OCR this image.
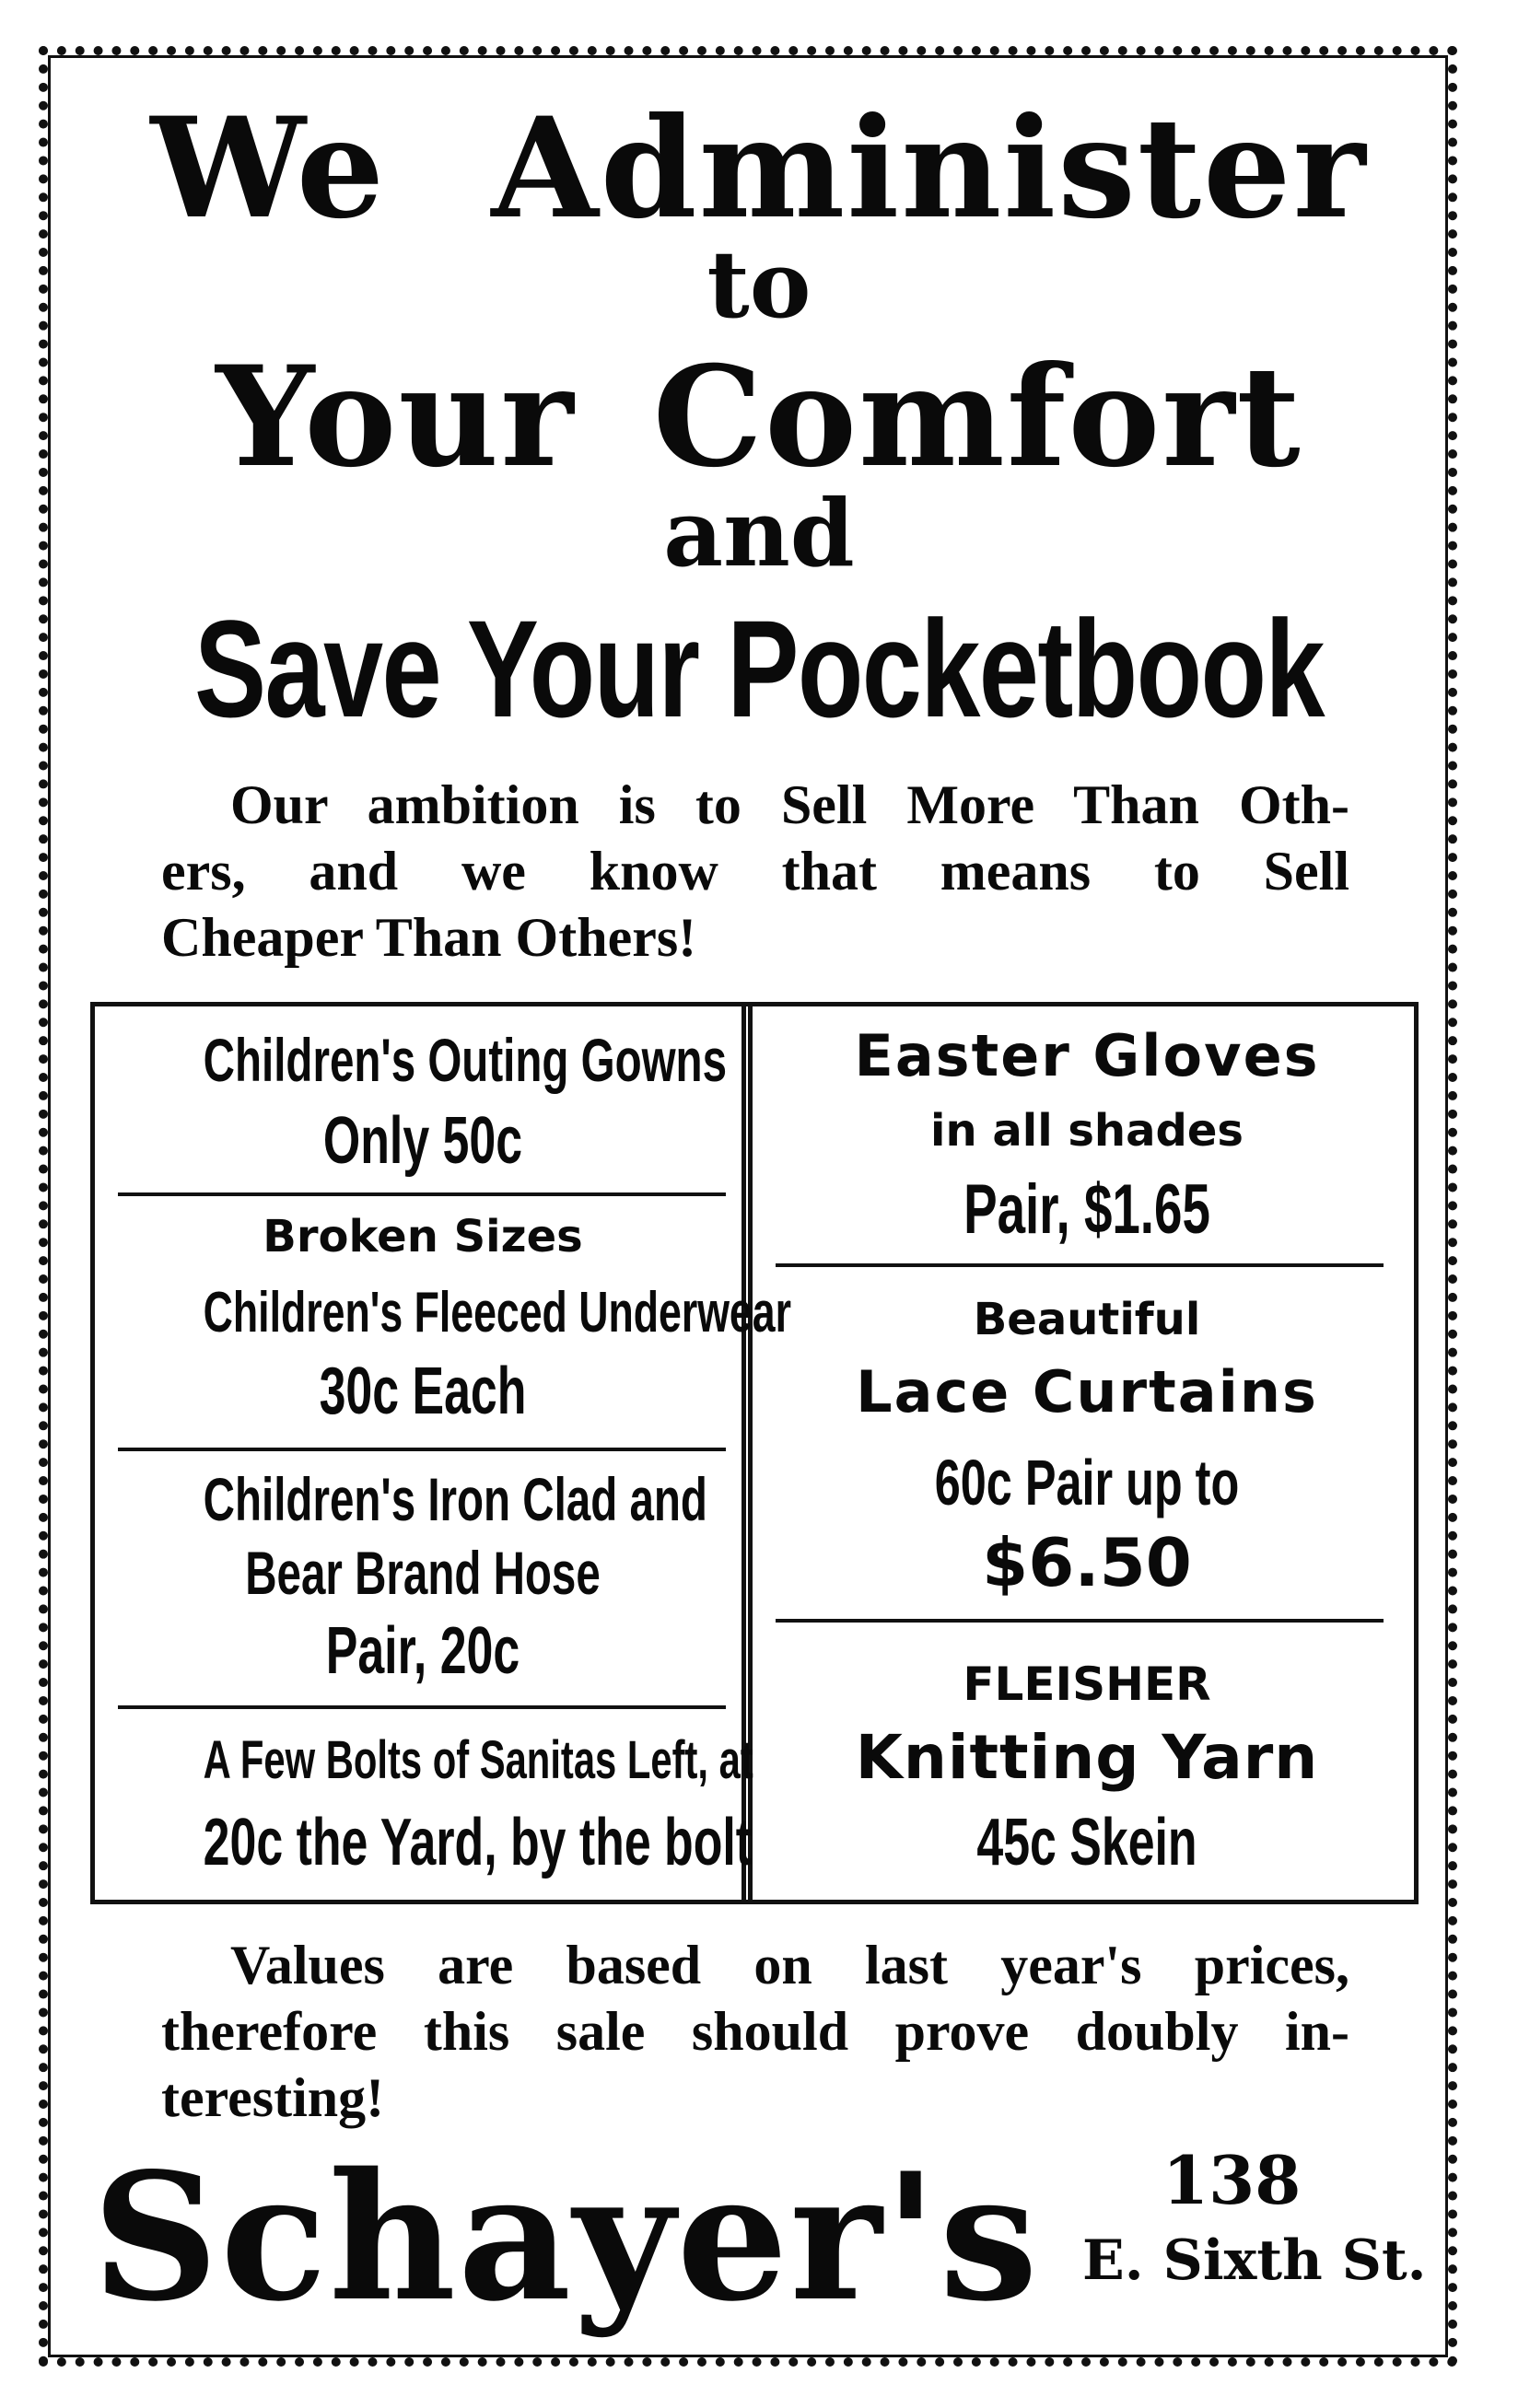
We Administer
to
Your Comfort
and
Save Your Pocketbook
Our ambition is to Sell More Than Oth-
ers, and we know that means to Sell
Cheaper Than Others!
Children's Outing Gowns
Only 50c
Broken Sizes
Children's Fleeced Underwear
30c Each
Children's Iron Clad and
Bear Brand Hose
Pair, 20c
A Few Bolts of Sanitas Left, at
20c the Yard, by the bolt
Easter Gloves
in all shades
Pair, $1.65
Beautiful
Lace Curtains
60c Pair up to
$6.50
FLEISHER
Knitting Yarn
45c Skein
Values are based on last year's prices,
therefore this sale should prove doubly in-
teresting!
Schayer's 138
E. Sixth St.
